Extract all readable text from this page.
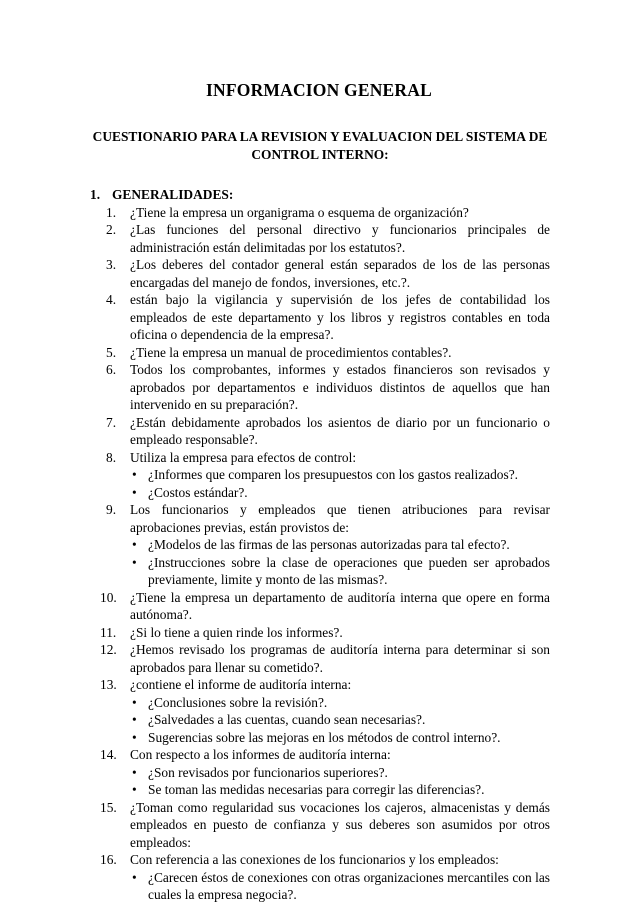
INFORMACION GENERAL
CUESTIONARIO PARA LA REVISION Y EVALUACION DEL SISTEMA DE CONTROL INTERNO:
1. GENERALIDADES:
1.	¿Tiene la empresa un organigrama o esquema de organización?
2.	¿Las funciones del personal directivo y funcionarios principales de administración están delimitadas por los estatutos?.
3.	¿Los deberes del contador general están separados de los de las personas encargadas del manejo de fondos, inversiones, etc.?.
4.	están bajo la vigilancia y supervisión de los jefes de contabilidad los empleados de este departamento y los libros y registros contables en toda oficina o dependencia de la empresa?.
5.	¿Tiene la empresa un manual de procedimientos contables?.
6.	Todos los comprobantes, informes y estados financieros son revisados y aprobados por departamentos e individuos distintos de aquellos que han intervenido en su preparación?.
7.	¿Están debidamente aprobados los asientos de diario por un funcionario o empleado responsable?.
8.	Utiliza la empresa para efectos de control:
• ¿Informes que comparen los presupuestos con los gastos realizados?.
• ¿Costos estándar?.
9.	Los funcionarios y empleados que tienen atribuciones para revisar aprobaciones previas, están provistos de:
• ¿Modelos de las firmas de las personas autorizadas para tal efecto?.
• ¿Instrucciones sobre la clase de operaciones que pueden ser aprobados previamente, limite y monto de las mismas?.
10. ¿Tiene la empresa un departamento de auditoría interna que opere en forma autónoma?.
11.	¿Si lo tiene a quien rinde los informes?.
12. ¿Hemos revisado los programas de auditoría interna para determinar si son aprobados para llenar su cometido?.
13. ¿contiene el informe de auditoría interna:
• ¿Conclusiones sobre la revisión?.
• ¿Salvedades a las cuentas, cuando sean necesarias?.
• Sugerencias sobre las mejoras en los métodos de control interno?.
14. Con respecto a los informes de auditoría interna:
• ¿Son revisados por funcionarios superiores?.
• Se toman las medidas necesarias para corregir las diferencias?.
15. ¿Toman como regularidad sus vocaciones los cajeros, almacenistas y demás empleados en puesto de confianza y sus deberes son asumidos por otros empleados:
16. Con referencia a las conexiones de los funcionarios y los empleados:
• ¿Carecen éstos de conexiones con otras organizaciones mercantiles con las cuales la empresa negocia?.
